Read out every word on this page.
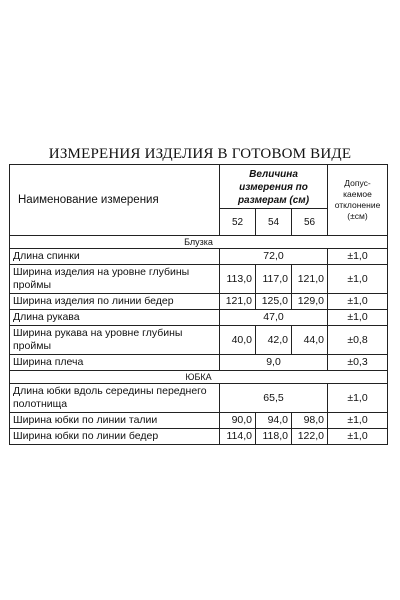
ИЗМЕРЕНИЯ ИЗДЕЛИЯ В ГОТОВОМ ВИДЕ
Наименование измерения	Величина измерения по размерам (см)			Допус-каемое отклонение (±см)
	52	54	56	
Блузка				
Длина спинки	72,0			±1,0
Ширина изделия на уровне глубины проймы	113,0	117,0	121,0	±1,0
Ширина изделия по линии бедер	121,0	125,0	129,0	±1,0
Длина рукава	47,0			±1,0
Ширина рукава на уровне глубины проймы	40,0	42,0	44,0	±0,8
Ширина плеча	9,0			±0,3
ЮБКА				
Длина юбки вдоль середины переднего полотнища	65,5			±1,0
Ширина юбки по линии талии	90,0	94,0	98,0	±1,0
Ширина юбки по линии бедер	114,0	118,0	122,0	±1,0
